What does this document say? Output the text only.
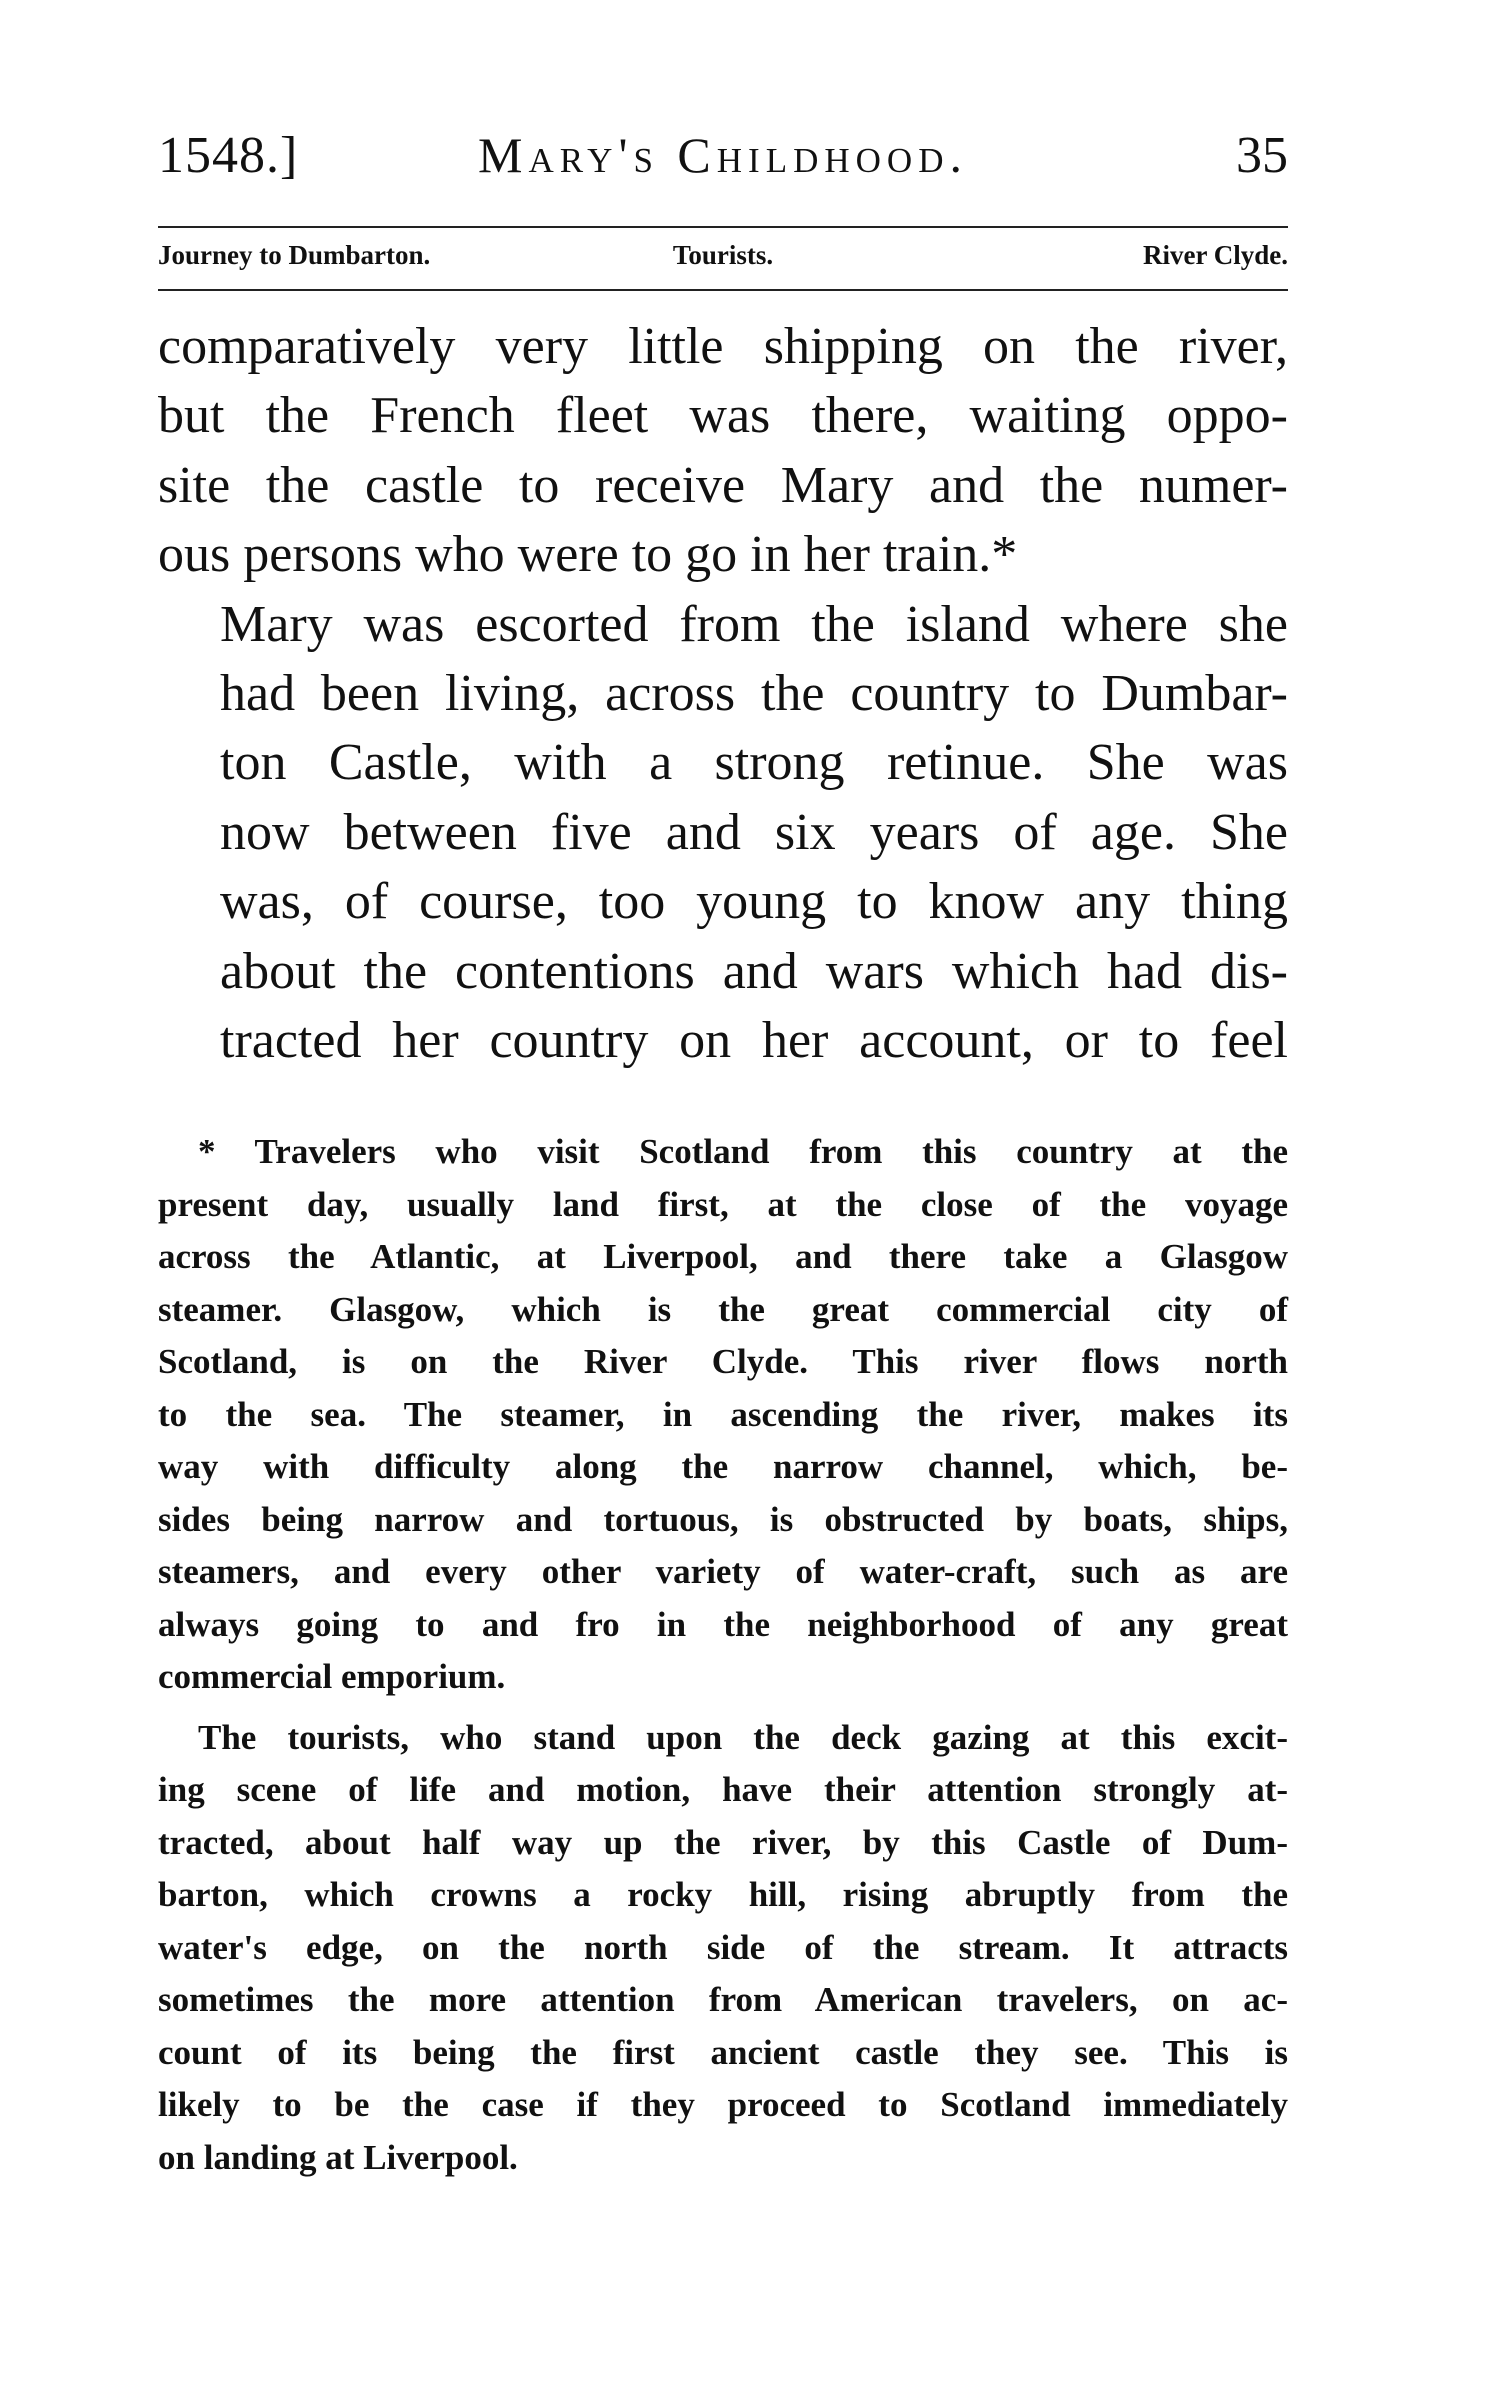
1548.]	Mary's Childhood.	35
Journey to Dumbarton.	Tourists.	River Clyde.

comparatively very little shipping on the river,
but the French fleet was there, waiting oppo-
site the castle to receive Mary and the numer-
ous persons who were to go in her train.*

Mary was escorted from the island where she
had been living, across the country to Dumbar-
ton Castle, with a strong retinue. She was
now between five and six years of age. She
was, of course, too young to know any thing
about the contentions and wars which had dis-
tracted her country on her account, or to feel

* Travelers who visit Scotland from this country at the
present day, usually land first, at the close of the voyage
across the Atlantic, at Liverpool, and there take a Glasgow
steamer. Glasgow, which is the great commercial city of
Scotland, is on the River Clyde. This river flows north
to the sea. The steamer, in ascending the river, makes its
way with difficulty along the narrow channel, which, be-
sides being narrow and tortuous, is obstructed by boats, ships,
steamers, and every other variety of water-craft, such as are
always going to and fro in the neighborhood of any great
commercial emporium.

The tourists, who stand upon the deck gazing at this excit-
ing scene of life and motion, have their attention strongly at-
tracted, about half way up the river, by this Castle of Dum-
barton, which crowns a rocky hill, rising abruptly from the
water's edge, on the north side of the stream. It attracts
sometimes the more attention from American travelers, on ac-
count of its being the first ancient castle they see. This is
likely to be the case if they proceed to Scotland immediately
on landing at Liverpool.
